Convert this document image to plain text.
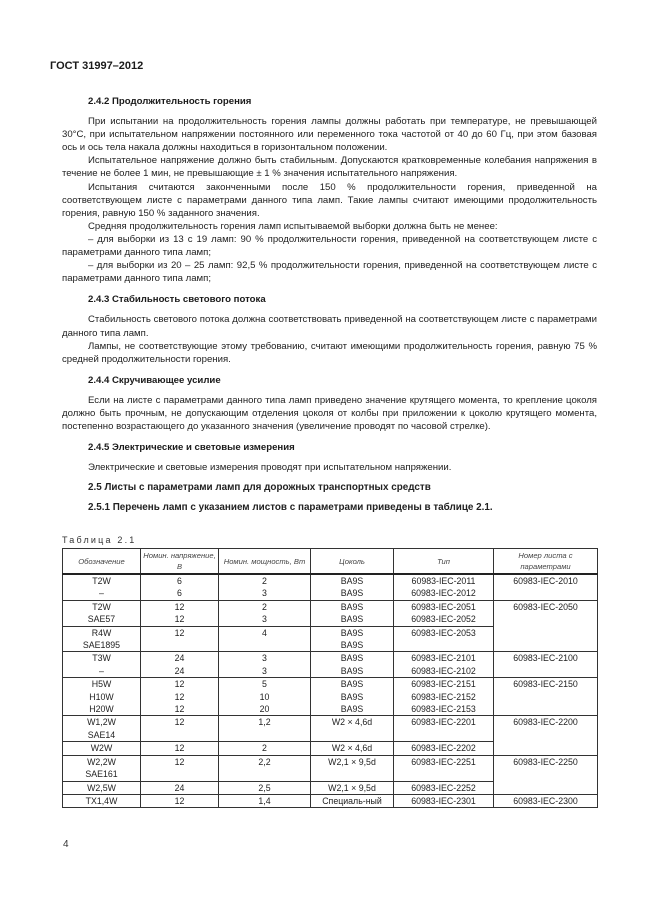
ГОСТ 31997–2012

2.4.2 Продолжительность горения

При испытании на продолжительность горения лампы должны работать при температуре, не превышающей 30°C, при испытательном напряжении постоянного или переменного тока частотой от 40 до 60 Гц, при этом базовая ось и ось тела накала должны находиться в горизонтальном положении.

Испытательное напряжение должно быть стабильным. Допускаются кратковременные колебания напряжения в течение не более 1 мин, не превышающие ± 1 % значения испытательного напряжения.

Испытания считаются законченными после 150 % продолжительности горения, приведенной на соответствующем листе с параметрами данного типа ламп. Такие лампы считают имеющими продолжительность горения, равную 150 % заданного значения.

Средняя продолжительность горения ламп испытываемой выборки должна быть не менее:

– для выборки из 13 с 19 ламп: 90 % продолжительности горения, приведенной на соответствующем листе с параметрами данного типа ламп;

– для выборки из 20 – 25 ламп: 92,5 % продолжительности горения, приведенной на соответствующем листе с параметрами данного типа ламп;

2.4.3 Стабильность светового потока

Стабильность светового потока должна соответствовать приведенной на соответствующем листе с параметрами данного типа ламп.

Лампы, не соответствующие этому требованию, считают имеющими продолжительность горения, равную 75 % средней продолжительности горения.

2.4.4 Скручивающее усилие

Если на листе с параметрами данного типа ламп приведено значение крутящего момента, то крепление цоколя должно быть прочным, не допускающим отделения цоколя от колбы при приложении к цоколю крутящего момента, постепенно возрастающего до указанного значения (увеличение проводят по часовой стрелке).

2.4.5 Электрические и световые измерения

Электрические и световые измерения проводят при испытательном напряжении.

2.5 Листы с параметрами ламп для дорожных транспортных средств

2.5.1 Перечень ламп с указанием листов с параметрами приведены в таблице 2.1.

Таблица 2.1
Обозначение	Номин. напряжение, В	Номин. мощность, Вт	Цоколь	Тип	Номер листа с параметрами
T2W	6	2	BA9S	60983-IEC-2011	60983-IEC-2010
–	6	3	BA9S	60983-IEC-2012	
T2W	12	2	BA9S	60983-IEC-2051	60983-IEC-2050
SAE57	12	3	BA9S	60983-IEC-2052	
R4W	12	4	BA9S	60983-IEC-2053	
SAE1895			BA9S		
T3W	24	3	BA9S	60983-IEC-2101	60983-IEC-2100
–	24	3	BA9S	60983-IEC-2102	
H5W	12	5	BA9S	60983-IEC-2151	60983-IEC-2150
H10W	12	10	BA9S	60983-IEC-2152	
H20W	12	20	BA9S	60983-IEC-2153	
W1,2W	12	1,2	W2 × 4,6d	60983-IEC-2201	60983-IEC-2200
SAE14					
W2W	12	2	W2 × 4,6d	60983-IEC-2202	
W2,2W	12	2,2	W2,1 × 9,5d	60983-IEC-2251	60983-IEC-2250
SAE161					
W2,5W	24	2,5	W2,1 × 9,5d	60983-IEC-2252	
TX1,4W	12	1,4	Специаль-ный	60983-IEC-2301	60983-IEC-2300
4
